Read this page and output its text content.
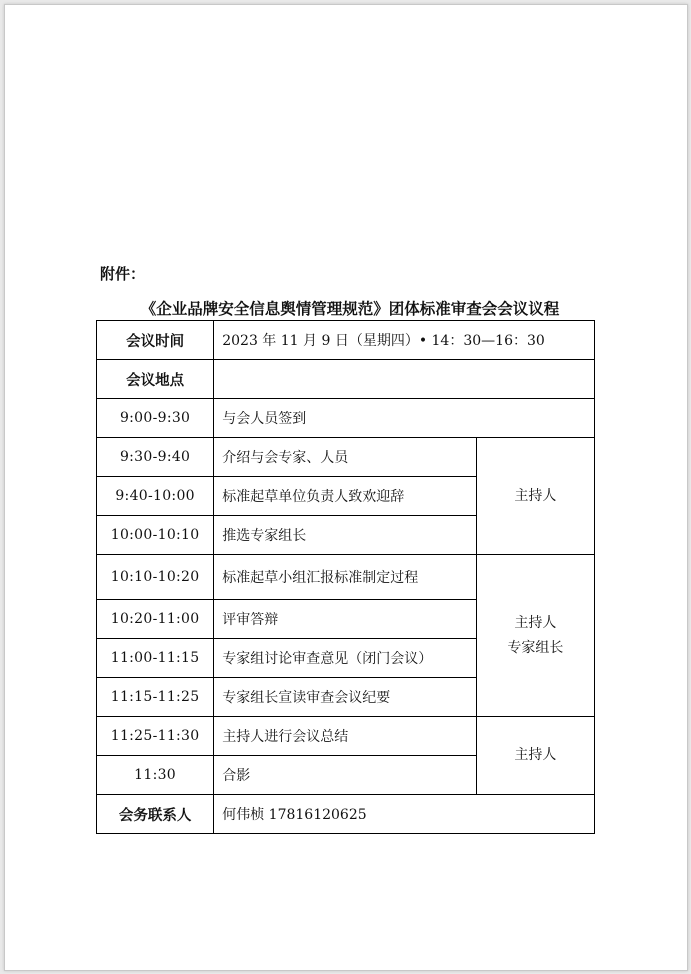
附件：
《企业品牌安全信息舆情管理规范》团体标准审查会会议议程
会议时间	2023 年 11 月 9 日（星期四）• 14：30—16：30	
会议地点		
9:00-9:30	与会人员签到	
9:30-9:40	介绍与会专家、人员	主持人

9:40-10:00	标准起草单位负责人致欢迎辞	
10:00-10:10	推选专家组长	
10:10-10:20	标准起草小组汇报标准制定过程	主持人
专家组长

10:20-11:00	评审答辩	
11:00-11:15	专家组讨论审查意见（闭门会议）	
11:15-11:25	专家组长宣读审查会议纪要	
11:25-11:30	主持人进行会议总结	主持人

11:30	合影	
会务联系人	何伟桢 17816120625	
